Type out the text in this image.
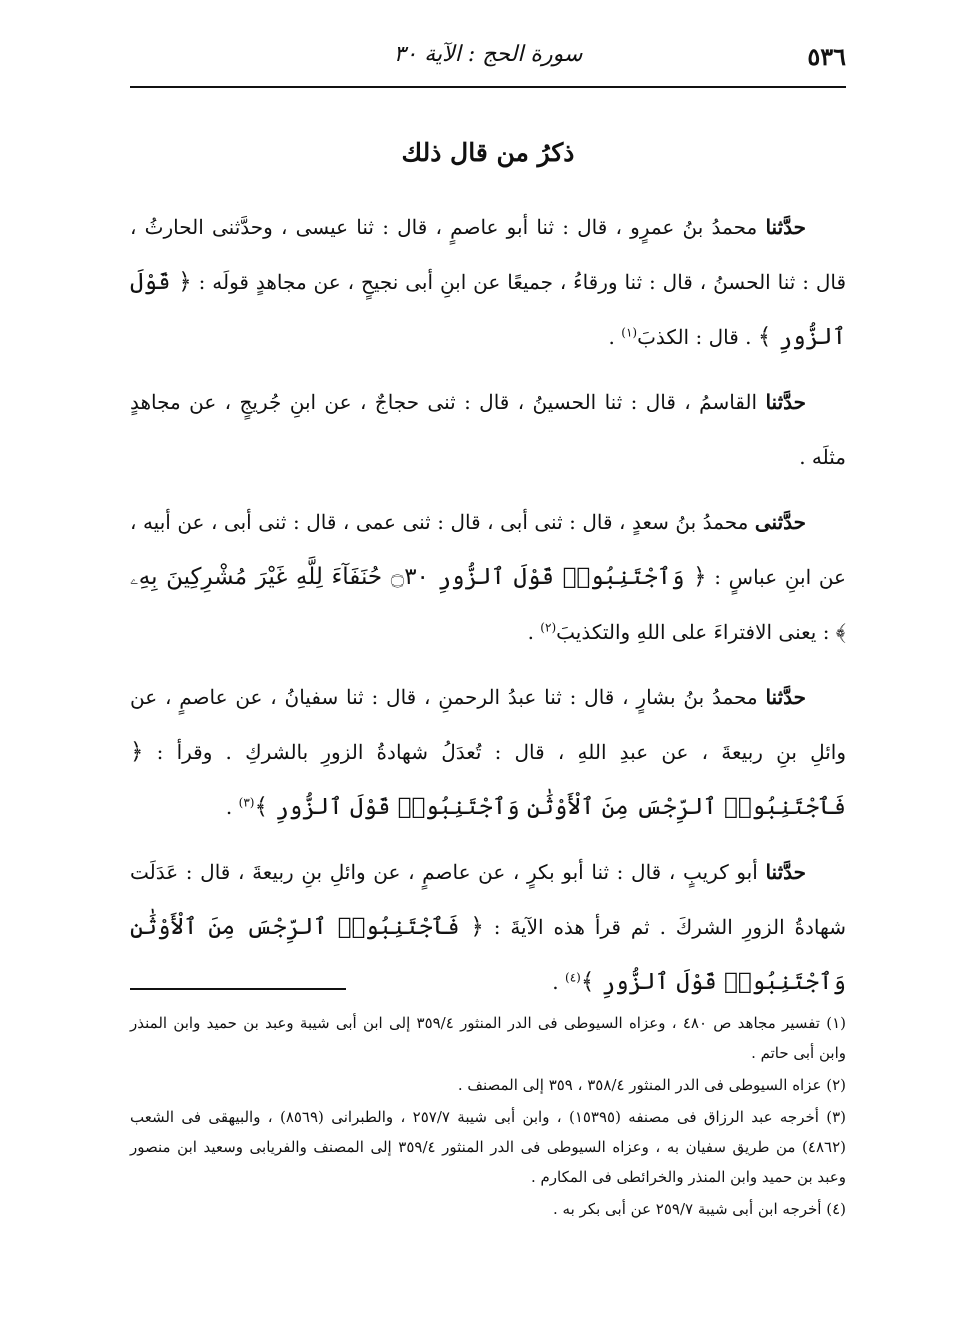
٥٣٦
سورة الحج : الآية ٣٠
ذكرُ من قال ذلك

حدَّثنا محمدُ بنُ عمرٍو ، قال : ثنا أبو عاصمٍ ، قال : ثنا عيسى ، وحدَّثنى الحارثُ ، قال : ثنا الحسنُ ، قال : ثنا ورقاءُ ، جميعًا عن ابنِ أبى نجيحٍ ، عن مجاهدٍ قولَه : ﴿ قَوْلَ ٱلزُّورِ ﴾ . قال : الكذبَ$^{(١)}$ .

حدَّثنا القاسمُ ، قال : ثنا الحسينُ ، قال : ثنى حجاجٌ ، عن ابنِ جُريجٍ ، عن مجاهدٍ مثلَه .

حدَّثنى محمدُ بنُ سعدٍ ، قال : ثنى أبى ، قال : ثنى عمى ، قال : ثنى أبى ، عن أبيه ، عن ابنِ عباسٍ : ﴿ وَٱجْتَنِبُوا۟ قَوْلَ ٱلزُّورِ ۝٣٠ حُنَفَآءَ لِلَّهِ غَيْرَ مُشْرِكِينَ بِهِۦ ﴾ : يعنى الافتراءَ على اللهِ والتكذيبَ$^{(٢)}$ .

حدَّثنا محمدُ بنُ بشارٍ ، قال : ثنا عبدُ الرحمنِ ، قال : ثنا سفيانُ ، عن عاصمٍ ، عن وائلِ بنِ ربيعةَ ، عن عبدِ اللهِ ، قال : تُعدَلُ شهادةُ الزورِ بالشركِ . وقرأ : ﴿ فَٱجْتَنِبُوا۟ ٱلرِّجْسَ مِنَ ٱلْأَوْثَٰنِ وَٱجْتَنِبُوا۟ قَوْلَ ٱلزُّورِ ﴾$^{(٣)}$ .

حدَّثنا أبو كريبٍ ، قال : ثنا أبو بكرٍ ، عن عاصمٍ ، عن وائلِ بنِ ربيعةَ ، قال : عَدَلَت شهادةُ الزورِ الشركَ . ثم قرأ هذه الآيةَ : ﴿ فَٱجْتَنِبُوا۟ ٱلرِّجْسَ مِنَ ٱلْأَوْثَٰنِ وَٱجْتَنِبُوا۟ قَوْلَ ٱلزُّورِ ﴾$^{(٤)}$ .

(١) تفسير مجاهد ص ٤٨٠ ، وعزاه السيوطى فى الدر المنثور ٣٥٩/٤ إلى ابن أبى شيبة وعبد بن حميد وابن المنذر وابن أبى حاتم .

(٢) عزاه السيوطى فى الدر المنثور ٣٥٨/٤ ، ٣٥٩ إلى المصنف .

(٣) أخرجه عبد الرزاق فى مصنفه (١٥٣٩٥) ، وابن أبى شيبة ٢٥٧/٧ ، والطبرانى (٨٥٦٩) ، والبيهقى فى الشعب (٤٨٦٢) من طريق سفيان به ، وعزاه السيوطى فى الدر المنثور ٣٥٩/٤ إلى المصنف والفريابى وسعيد ابن منصور وعبد بن حميد وابن المنذر والخرائطى فى المكارم .

(٤) أخرجه ابن أبى شيبة ٢٥٩/٧ عن أبى بكر به .
